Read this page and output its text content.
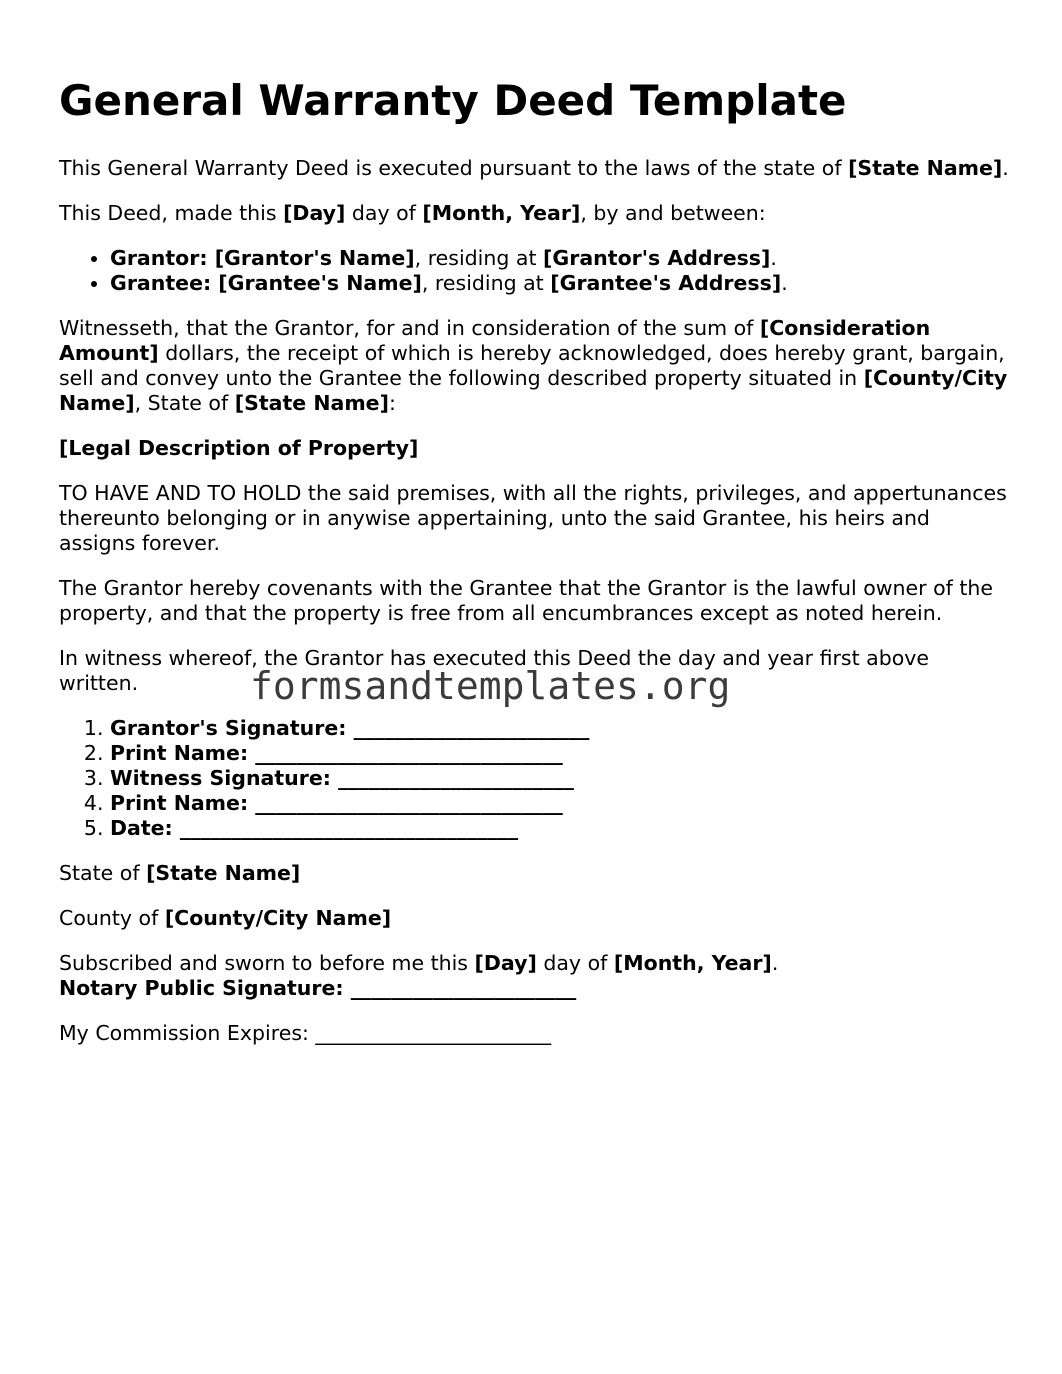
General Warranty Deed Template

This General Warranty Deed is executed pursuant to the laws of the state of [State Name].

This Deed, made this [Day] day of [Month, Year], by and between:

• Grantor: [Grantor's Name], residing at [Grantor's Address].
• Grantee: [Grantee's Name], residing at [Grantee's Address].

Witnesseth, that the Grantor, for and in consideration of the sum of [Consideration Amount] dollars, the receipt of which is hereby acknowledged, does hereby grant, bargain, sell and convey unto the Grantee the following described property situated in [County/City Name], State of [State Name]:

[Legal Description of Property]

TO HAVE AND TO HOLD the said premises, with all the rights, privileges, and appertunances thereunto belonging or in anywise appertaining, unto the said Grantee, his heirs and assigns forever.

The Grantor hereby covenants with the Grantee that the Grantor is the lawful owner of the property, and that the property is free from all encumbrances except as noted herein.

In witness whereof, the Grantor has executed this Deed the day and year first above written.

1. Grantor's Signature: _______________________
2. Print Name: ______________________________
3. Witness Signature: _______________________
4. Print Name: ______________________________
5. Date: _________________________________

State of [State Name]

County of [County/City Name]

Subscribed and sworn to before me this [Day] day of [Month, Year].
Notary Public Signature: ______________________

My Commission Expires: _______________________

formsandtemplates.org
